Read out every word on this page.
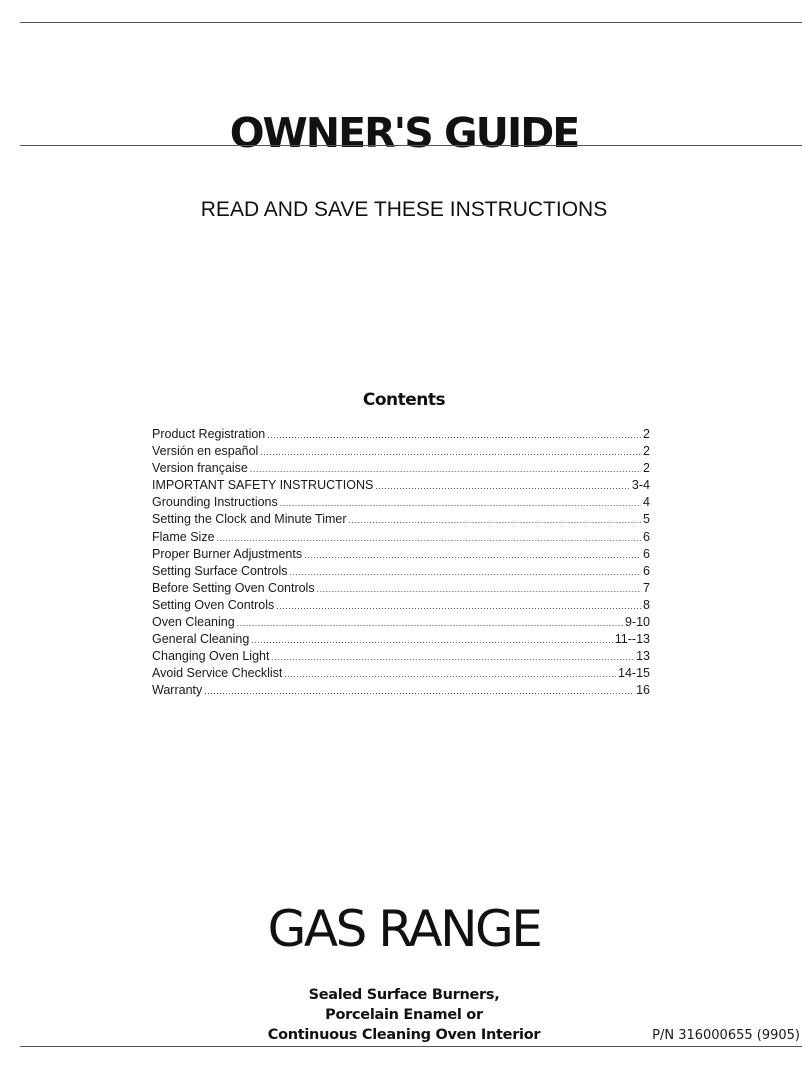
OWNER'S GUIDE
READ AND SAVE THESE INSTRUCTIONS
Contents
Product Registration .....	2
Versión en español .....	2
Version française .....	2
IMPORTANT SAFETY INSTRUCTIONS .....	3-4
Grounding Instructions .....	4
Setting the Clock and Minute Timer .....	5
Flame Size .....	6
Proper Burner Adjustments .....	6
Setting Surface Controls .....	6
Before Setting Oven Controls .....	7
Setting Oven Controls .....	8
Oven Cleaning .....	9-10
General Cleaning .....	11--13
Changing Oven Light .....	13
Avoid Service Checklist .....	14-15
Warranty .....	16
GAS RANGE
Sealed Surface Burners,
Porcelain Enamel or
Continuous Cleaning Oven Interior	P/N 316000655 (9905)
